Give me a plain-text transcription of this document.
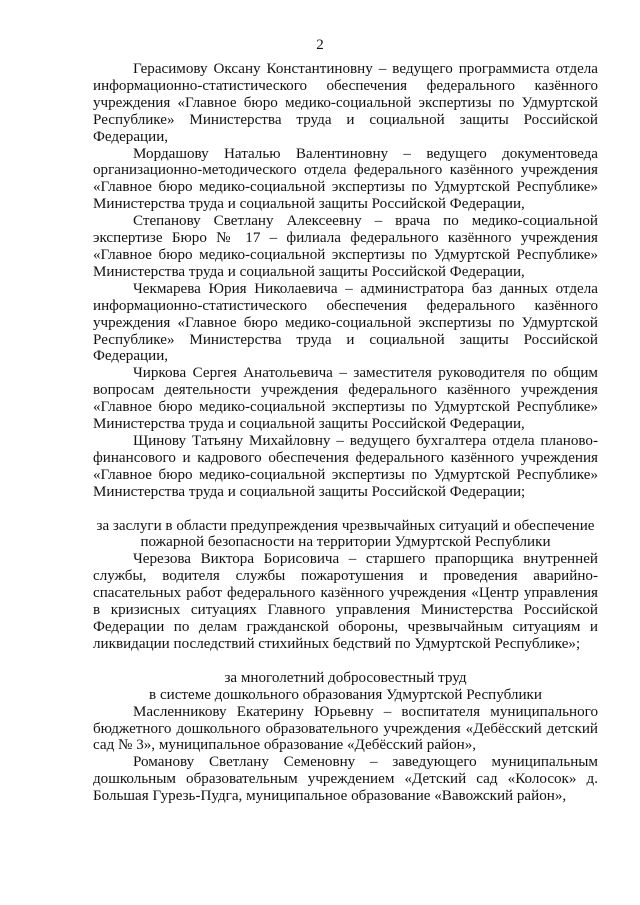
2

Герасимову Оксану Константиновну – ведущего программиста отдела информационно-статистического обеспечения федерального казённого учреждения «Главное бюро медико-социальной экспертизы по Удмуртской Республике» Министерства труда и социальной защиты Российской Федерации,

Мордашову Наталью Валентиновну – ведущего документоведа организационно-методического отдела федерального казённого учреждения «Главное бюро медико-социальной экспертизы по Удмуртской Республике» Министерства труда и социальной защиты Российской Федерации,

Степанову Светлану Алексеевну – врача по медико-социальной экспертизе Бюро № 17 – филиала федерального казённого учреждения «Главное бюро медико-социальной экспертизы по Удмуртской Республике» Министерства труда и социальной защиты Российской Федерации,

Чекмарева Юрия Николаевича – администратора баз данных отдела информационно-статистического обеспечения федерального казённого учреждения «Главное бюро медико-социальной экспертизы по Удмуртской Республике» Министерства труда и социальной защиты Российской Федерации,

Чиркова Сергея Анатольевича – заместителя руководителя по общим вопросам деятельности учреждения федерального казённого учреждения «Главное бюро медико-социальной экспертизы по Удмуртской Республике» Министерства труда и социальной защиты Российской Федерации,

Щинову Татьяну Михайловну – ведущего бухгалтера отдела планово-финансового и кадрового обеспечения федерального казённого учреждения «Главное бюро медико-социальной экспертизы по Удмуртской Республике» Министерства труда и социальной защиты Российской Федерации;

за заслуги в области предупреждения чрезвычайных ситуаций и обеспечение
пожарной безопасности на территории Удмуртской Республики

Черезова Виктора Борисовича – старшего прапорщика внутренней службы, водителя службы пожаротушения и проведения аварийно-спасательных работ федерального казённого учреждения «Центр управления в кризисных ситуациях Главного управления Министерства Российской Федерации по делам гражданской обороны, чрезвычайным ситуациям и ликвидации последствий стихийных бедствий по Удмуртской Республике»;

за многолетний добросовестный труд
в системе дошкольного образования Удмуртской Республики

Масленникову Екатерину Юрьевну – воспитателя муниципального бюджетного дошкольного образовательного учреждения «Дебёсский детский сад № 3», муниципальное образование «Дебёсский район»,

Романову Светлану Семеновну – заведующего муниципальным дошкольным образовательным учреждением «Детский сад «Колосок» д. Большая Гурезь-Пудга, муниципальное образование «Вавожский район»,
